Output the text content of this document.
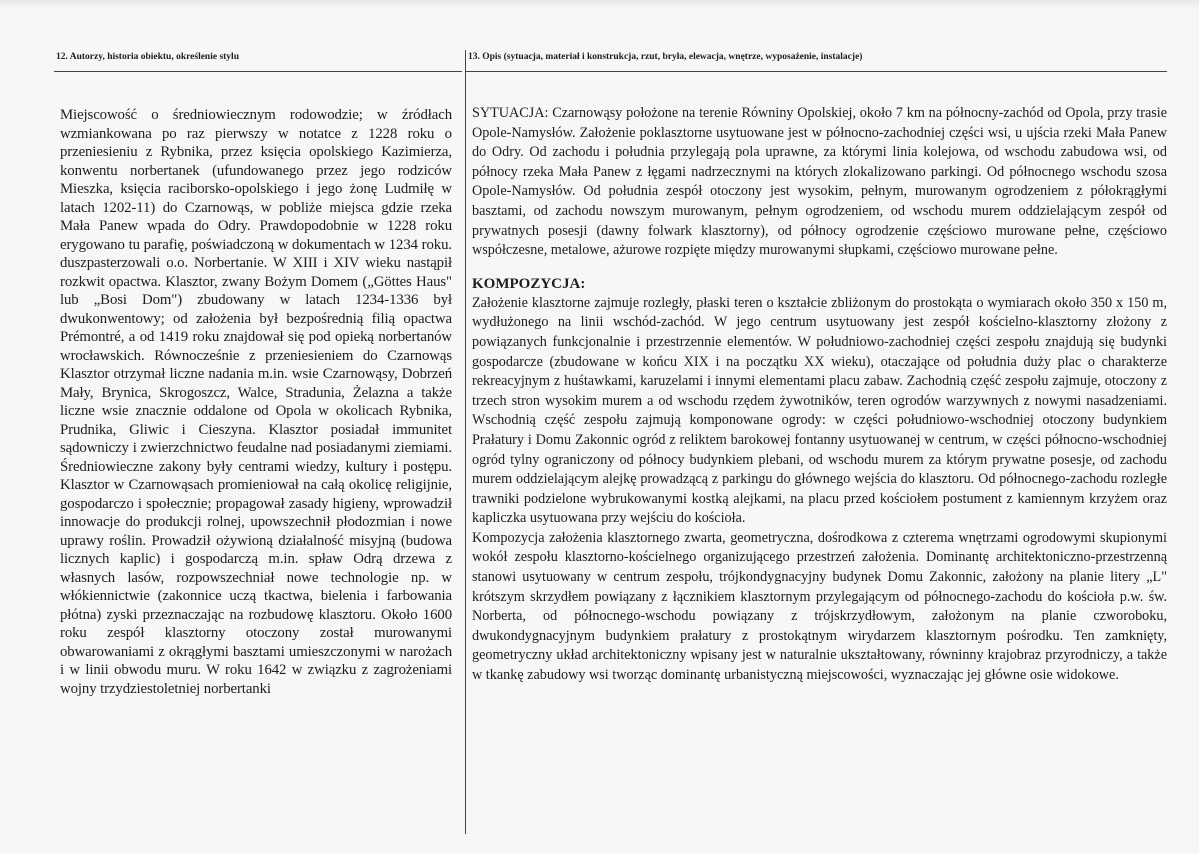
12. Autorzy, historia obiektu, określenie stylu

Miejscowość o średniowiecznym rodowodzie; w źródłach wzmiankowana po raz pierwszy w notatce z 1228 roku o przeniesieniu z Rybnika, przez księcia opolskiego Kazimierza, konwentu norbertanek (ufundowanego przez jego rodziców Mieszka, księcia raciborsko-opolskiego i jego żonę Ludmiłę w latach 1202-11) do Czarnowąs, w pobliże miejsca gdzie rzeka Mała Panew wpada do Odry. Prawdopodobnie w 1228 roku erygowano tu parafię, poświadczoną w dokumentach w 1234 roku. duszpasterzowali o.o. Norbertanie. W XIII i XIV wieku nastąpił rozkwit opactwa. Klasztor, zwany Bożym Domem („Göttes Haus" lub „Bosi Dom") zbudowany w latach 1234-1336 był dwukonwentowy; od założenia był bezpośrednią filią opactwa Prémontré, a od 1419 roku znajdował się pod opieką norbertanów wrocławskich. Równocześnie z przeniesieniem do Czarnowąs Klasztor otrzymał liczne nadania m.in. wsie Czarnowąsy, Dobrzeń Mały, Brynica, Skrogoszcz, Walce, Stradunia, Żelazna a także liczne wsie znacznie oddalone od Opola w okolicach Rybnika, Prudnika, Gliwic i Cieszyna. Klasztor posiadał immunitet sądowniczy i zwierzchnictwo feudalne nad posiadanymi ziemiami. Średniowieczne zakony były centrami wiedzy, kultury i postępu. Klasztor w Czarnowąsach promieniował na całą okolicę religijnie, gospodarczo i społecznie; propagował zasady higieny, wprowadził innowacje do produkcji rolnej, upowszechnił płodozmian i nowe uprawy roślin. Prowadził ożywioną działalność misyjną (budowa licznych kaplic) i gospodarczą m.in. spław Odrą drzewa z własnych lasów, rozpowszechniał nowe technologie np. w włókiennictwie (zakonnice uczą tkactwa, bielenia i farbowania płótna) zyski przeznaczając na rozbudowę klasztoru. Około 1600 roku zespół klasztorny otoczony został murowanymi obwarowaniami z okrągłymi basztami umieszczonymi w narożach i w linii obwodu muru. W roku 1642 w związku z zagrożeniami wojny trzydziestoletniej norbertanki

13. Opis (sytuacja, materiał i konstrukcja, rzut, bryła, elewacja, wnętrze, wyposażenie, instalacje)

SYTUACJA: Czarnowąsy położone na terenie Równiny Opolskiej, około 7 km na północny-zachód od Opola, przy trasie Opole-Namysłów. Założenie poklasztorne usytuowane jest w północno-zachodniej części wsi, u ujścia rzeki Mała Panew do Odry. Od zachodu i południa przylegają pola uprawne, za którymi linia kolejowa, od wschodu zabudowa wsi, od północy rzeka Mała Panew z łęgami nadrzecznymi na których zlokalizowano parkingi. Od północnego wschodu szosa Opole-Namysłów. Od południa zespół otoczony jest wysokim, pełnym, murowanym ogrodzeniem z półokrągłymi basztami, od zachodu nowszym murowanym, pełnym ogrodzeniem, od wschodu murem oddzielającym zespół od prywatnych posesji (dawny folwark klasztorny), od północy ogrodzenie częściowo murowane pełne, częściowo współczesne, metalowe, ażurowe rozpięte między murowanymi słupkami, częściowo murowane pełne.

KOMPOZYCJA:

Założenie klasztorne zajmuje rozległy, płaski teren o kształcie zbliżonym do prostokąta o wymiarach około 350 x 150 m, wydłużonego na linii wschód-zachód. W jego centrum usytuowany jest zespół kościelno-klasztorny złożony z powiązanych funkcjonalnie i przestrzennie elementów. W południowo-zachodniej części zespołu znajdują się budynki gospodarcze (zbudowane w końcu XIX i na początku XX wieku), otaczające od południa duży plac o charakterze rekreacyjnym z huśtawkami, karuzelami i innymi elementami placu zabaw. Zachodnią część zespołu zajmuje, otoczony z trzech stron wysokim murem a od wschodu rzędem żywotników, teren ogrodów warzywnych z nowymi nasadzeniami. Wschodnią część zespołu zajmują komponowane ogrody: w części południowo-wschodniej otoczony budynkiem Prałatury i Domu Zakonnic ogród z reliktem barokowej fontanny usytuowanej w centrum, w części północno-wschodniej ogród tylny ograniczony od północy budynkiem plebani, od wschodu murem za którym prywatne posesje, od zachodu murem oddzielającym alejkę prowadzącą z parkingu do głównego wejścia do klasztoru. Od północnego-zachodu rozległe trawniki podzielone wybrukowanymi kostką alejkami, na placu przed kościołem postument z kamiennym krzyżem oraz kapliczka usytuowana przy wejściu do kościoła.

Kompozycja założenia klasztornego zwarta, geometryczna, dośrodkowa z czterema wnętrzami ogrodowymi skupionymi wokół zespołu klasztorno-kościelnego organizującego przestrzeń założenia. Dominantę architektoniczno-przestrzenną stanowi usytuowany w centrum zespołu, trójkondygnacyjny budynek Domu Zakonnic, założony na planie litery „L" krótszym skrzydłem powiązany z łącznikiem klasztornym przylegającym od północnego-zachodu do kościoła p.w. św. Norberta, od północnego-wschodu powiązany z trójskrzydłowym, założonym na planie czworoboku, dwukondygnacyjnym budynkiem prałatury z prostokątnym wirydarzem klasztornym pośrodku. Ten zamknięty, geometryczny układ architektoniczny wpisany jest w naturalnie ukształtowany, równinny krajobraz przyrodniczy, a także w tkankę zabudowy wsi tworząc dominantę urbanistyczną miejscowości, wyznaczając jej główne osie widokowe.
